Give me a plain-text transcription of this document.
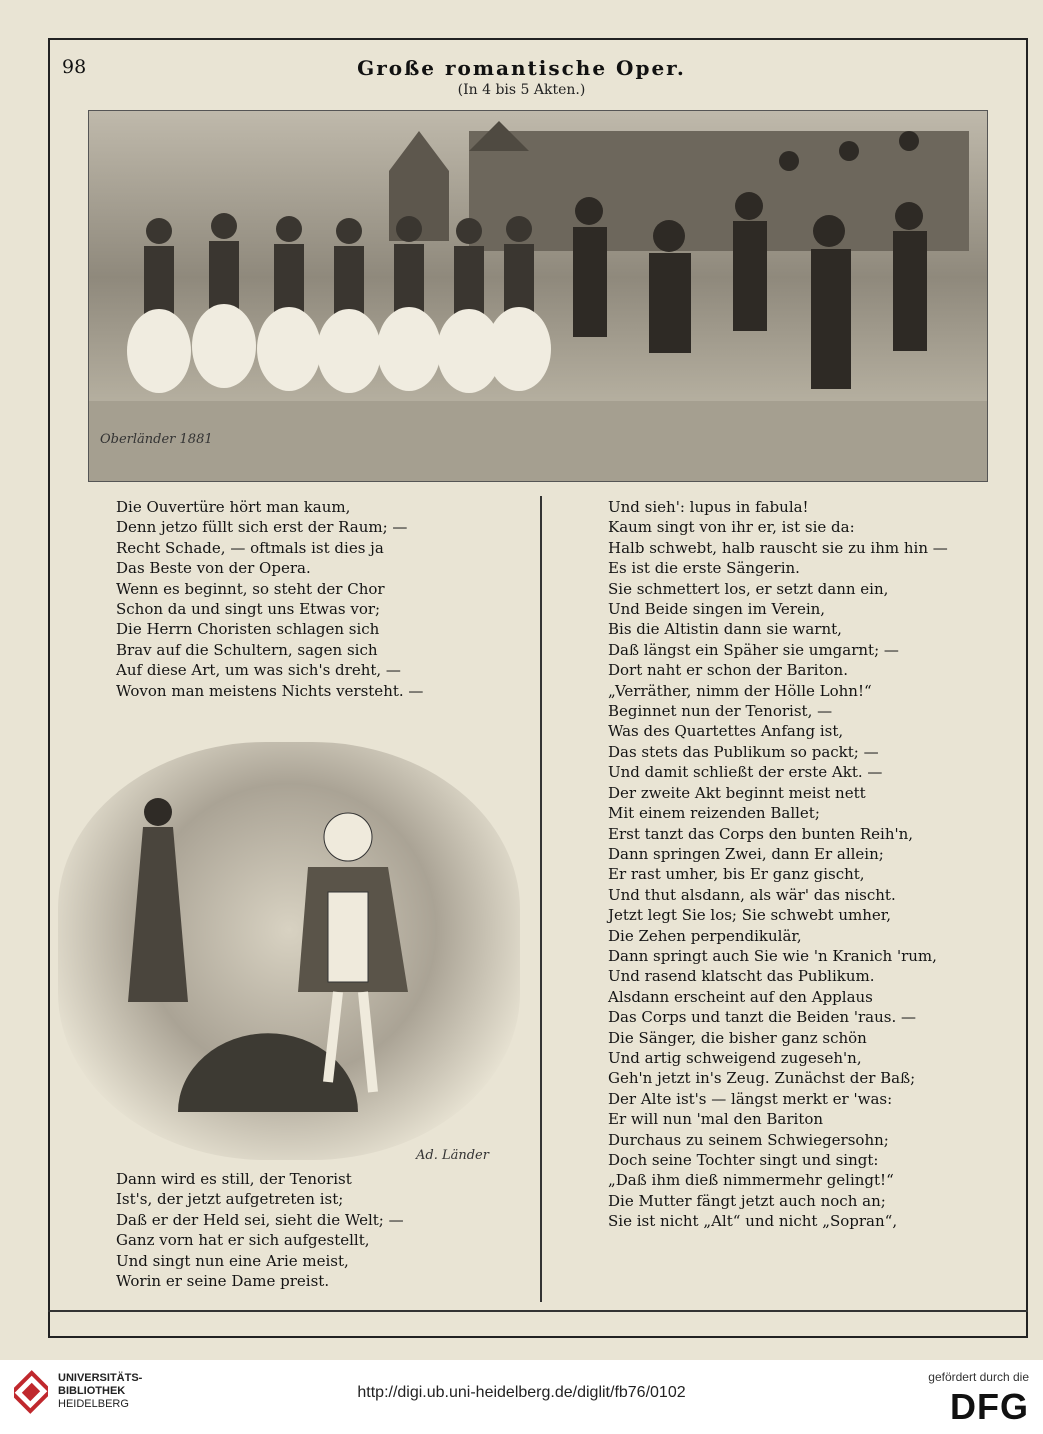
98	Große romantische Oper.
(In 4 bis 5 Akten.)
Oberländer 1881
Ad. Länder
Die Ouvertüre hört man kaum,
Denn jetzo füllt sich erst der Raum; —
Recht Schade, — oftmals ist dies ja
Das Beste von der Opera.
Wenn es beginnt, so steht der Chor
Schon da und singt uns Etwas vor;
Die Herrn Choristen schlagen sich
Brav auf die Schultern, sagen sich
Auf diese Art, um was sich's dreht, —
Wovon man meistens Nichts versteht. —
Dann wird es still, der Tenorist
Ist's, der jetzt aufgetreten ist;
Daß er der Held sei, sieht die Welt; —
Ganz vorn hat er sich aufgestellt,
Und singt nun eine Arie meist,
Worin er seine Dame preist.
Und sieh': lupus in fabula!
Kaum singt von ihr er, ist sie da:
Halb schwebt, halb rauscht sie zu ihm hin —
Es ist die erste Sängerin.
Sie schmettert los, er setzt dann ein,
Und Beide singen im Verein,
Bis die Altistin dann sie warnt,
Daß längst ein Späher sie umgarnt; —
Dort naht er schon der Bariton.
„Verräther, nimm der Hölle Lohn!“
Beginnet nun der Tenorist, —
Was des Quartettes Anfang ist,
Das stets das Publikum so packt; —
Und damit schließt der erste Akt. —
Der zweite Akt beginnt meist nett
Mit einem reizenden Ballet;
Erst tanzt das Corps den bunten Reih'n,
Dann springen Zwei, dann Er allein;
Er rast umher, bis Er ganz gischt,
Und thut alsdann, als wär' das nischt.
Jetzt legt Sie los; Sie schwebt umher,
Die Zehen perpendikulär,
Dann springt auch Sie wie 'n Kranich 'rum,
Und rasend klatscht das Publikum.
Alsdann erscheint auf den Applaus
Das Corps und tanzt die Beiden 'raus. —
Die Sänger, die bisher ganz schön
Und artig schweigend zugeseh'n,
Geh'n jetzt in's Zeug. Zunächst der Baß;
Der Alte ist's — längst merkt er 'was:
Er will nun 'mal den Bariton
Durchaus zu seinem Schwiegersohn;
Doch seine Tochter singt und singt:
„Daß ihm dieß nimmermehr gelingt!“
Die Mutter fängt jetzt auch noch an;
Sie ist nicht „Alt“ und nicht „Sopran“,
UNIVERSITÄTS-
BIBLIOTHEK
HEIDELBERG
http://digi.ub.uni-heidelberg.de/diglit/fb76/0102
gefördert durch die
DFG
